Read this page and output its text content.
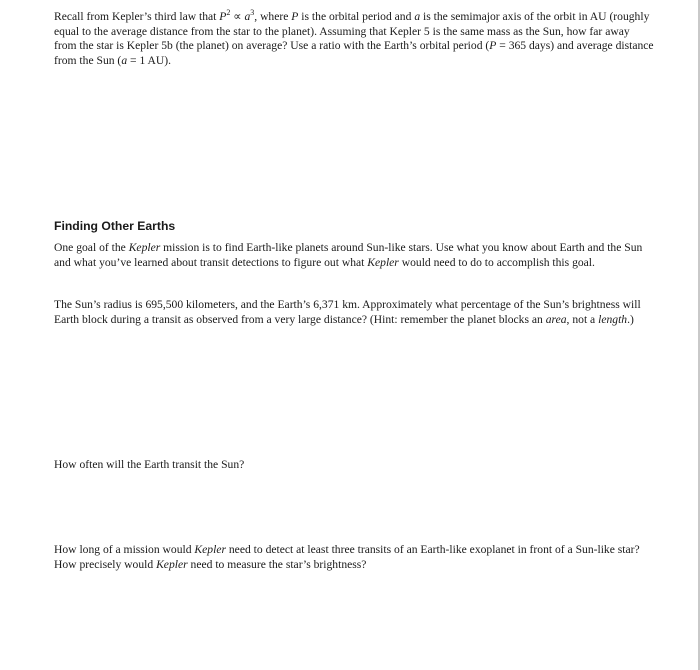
Recall from Kepler’s third law that $P^2 \propto a^3$, where P is the orbital period and a is the semimajor axis of the orbit in AU (roughly equal to the average distance from the star to the planet). Assuming that Kepler 5 is the same mass as the Sun, how far away from the star is Kepler 5b (the planet) on average? Use a ratio with the Earth’s orbital period (P = 365 days) and average distance from the Sun (a = 1 AU).

Finding Other Earths

One goal of the Kepler mission is to find Earth-like planets around Sun-like stars. Use what you know about Earth and the Sun and what you’ve learned about transit detections to figure out what Kepler would need to do to accomplish this goal.

The Sun’s radius is 695,500 kilometers, and the Earth’s 6,371 km. Approximately what percentage of the Sun’s brightness will Earth block during a transit as observed from a very large distance? (Hint: remember the planet blocks an area, not a length.)

How often will the Earth transit the Sun?

How long of a mission would Kepler need to detect at least three transits of an Earth-like exoplanet in front of a Sun-like star? How precisely would Kepler need to measure the star’s brightness?
